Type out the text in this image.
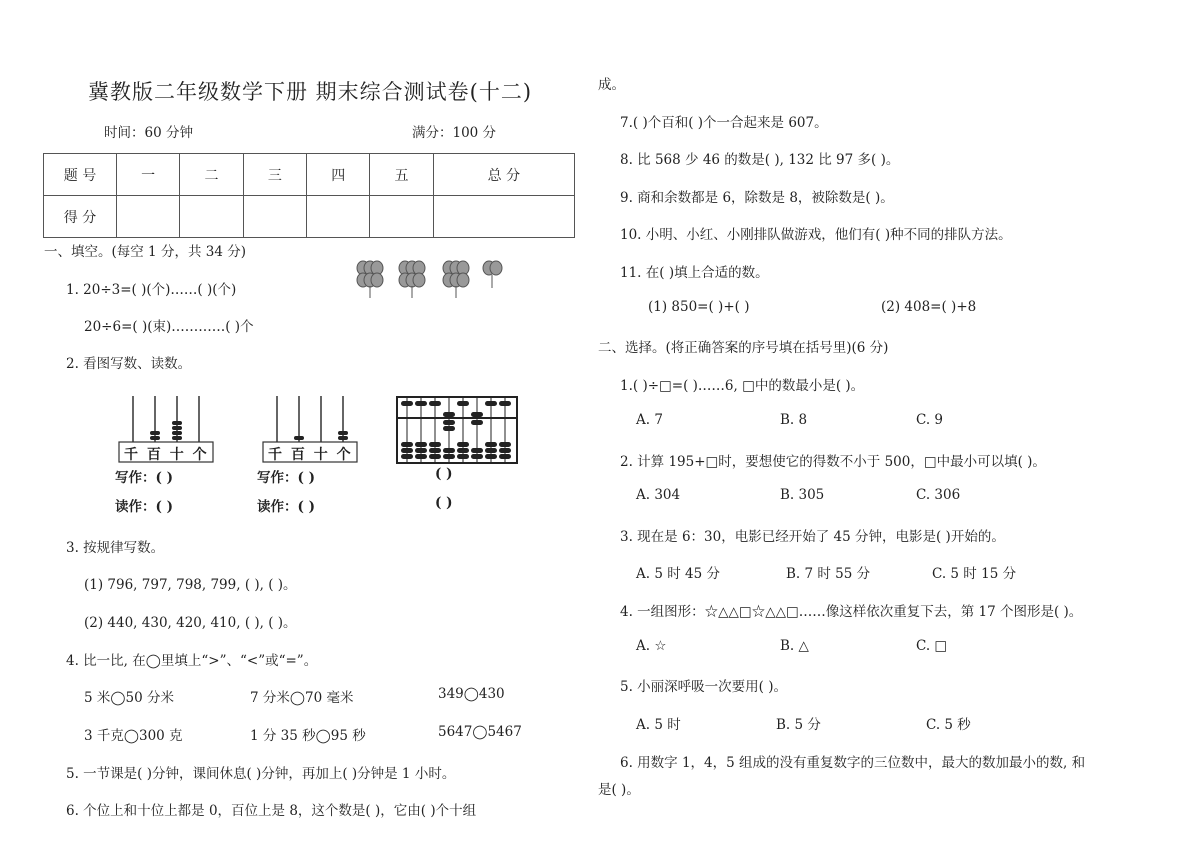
冀教版二年级数学下册 期末综合测试卷(十二)
时间：60 分钟	满分：100 分
题 号	一	二	三	四	五	总 分
得 分						
一、填空。(每空 1 分，共 34 分)
1. 20÷3=( )(个)……( )(个)
20÷6=( )(束)…………( )个
2. 看图写数、读数。
千 百 十 个	千 百 十 个
写作：( )	写作：( )	( )
读作：( )	读作：( )	( )
3. 按规律写数。
(1) 796, 797, 798, 799, ( ), ( )。
(2) 440, 430, 420, 410, ( ), ( )。
4. 比一比, 在◯里填上“>”、“<”或“=”。
5 米◯50 分米	7 分米◯70 毫米	349◯430
3 千克◯300 克	1 分 35 秒◯95 秒	5647◯5467
5. 一节课是( )分钟，课间休息( )分钟，再加上( )分钟是 1 小时。
6. 个位上和十位上都是 0，百位上是 8，这个数是( )，它由( )个十组
成。
7.( )个百和( )个一合起来是 607。
8. 比 568 少 46 的数是( ), 132 比 97 多( )。
9. 商和余数都是 6，除数是 8，被除数是( )。
10. 小明、小红、小刚排队做游戏，他们有( )种不同的排队方法。
11. 在( )填上合适的数。
(1) 850=( )+( )	(2) 408=( )+8
二、选择。(将正确答案的序号填在括号里)(6 分)
1.( )÷□=( )……6, □中的数最小是( )。
A. 7	B. 8	C. 9
2. 计算 195+□时，要想使它的得数不小于 500，□中最小可以填( )。
A. 304	B. 305	C. 306
3. 现在是 6：30，电影已经开始了 45 分钟，电影是( )开始的。
A. 5 时 45 分	B. 7 时 55 分	C. 5 时 15 分
4. 一组图形：☆△△□☆△△□……像这样依次重复下去，第 17 个图形是( )。
A. ☆	B. △	C. □
5. 小丽深呼吸一次要用( )。
A. 5 时	B. 5 分	C. 5 秒
6. 用数字 1，4，5 组成的没有重复数字的三位数中，最大的数加最小的数, 和
是( )。
